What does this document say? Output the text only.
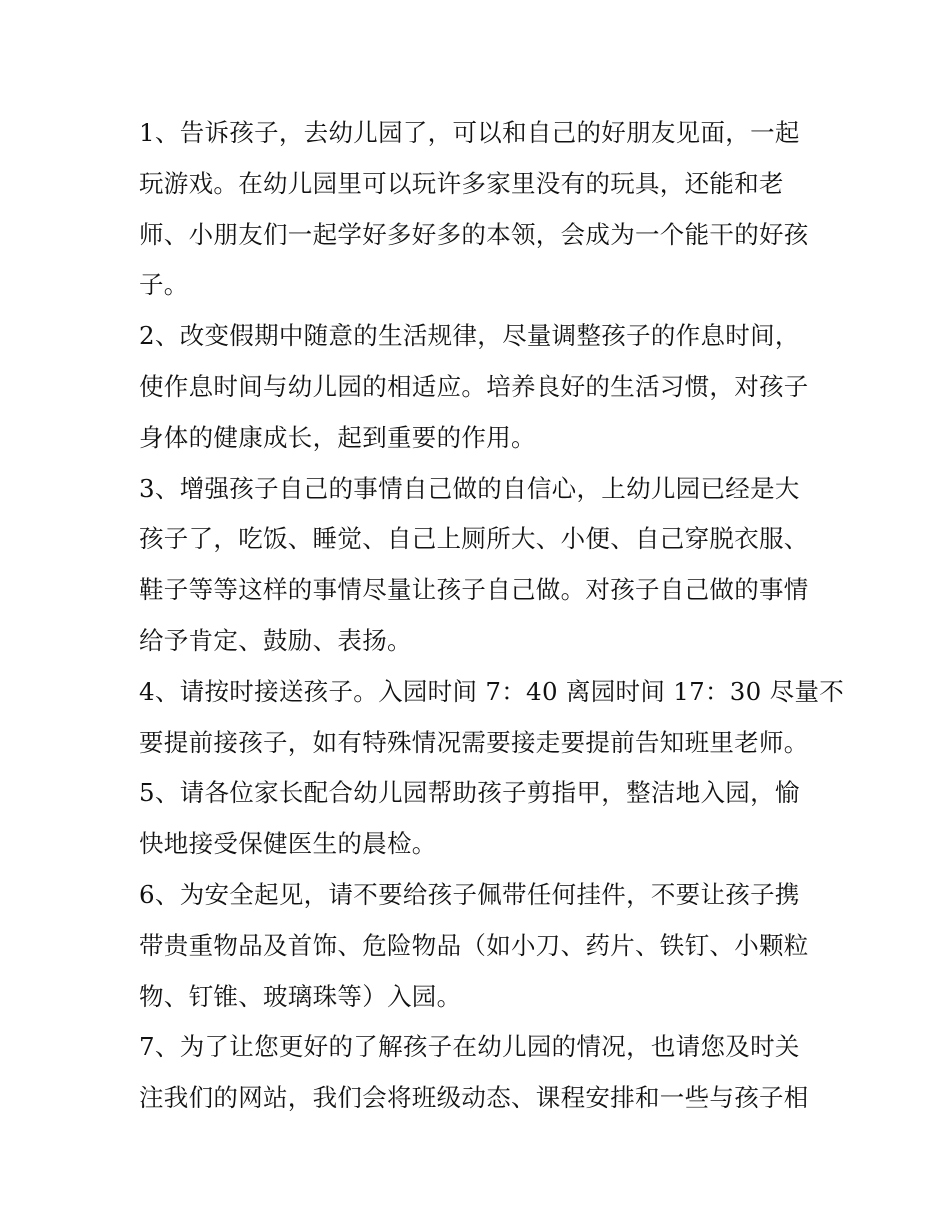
1、告诉孩子，去幼儿园了，可以和自己的好朋友见面，一起
玩游戏。在幼儿园里可以玩许多家里没有的玩具，还能和老
师、小朋友们一起学好多好多的本领，会成为一个能干的好孩
子。
2、改变假期中随意的生活规律，尽量调整孩子的作息时间，
使作息时间与幼儿园的相适应。培养良好的生活习惯，对孩子
身体的健康成长，起到重要的作用。
3、增强孩子自己的事情自己做的自信心，上幼儿园已经是大
孩子了，吃饭、睡觉、自己上厕所大、小便、自己穿脱衣服、
鞋子等等这样的事情尽量让孩子自己做。对孩子自己做的事情
给予肯定、鼓励、表扬。
4、请按时接送孩子。入园时间 7：40 离园时间 17：30 尽量不
要提前接孩子，如有特殊情况需要接走要提前告知班里老师。
5、请各位家长配合幼儿园帮助孩子剪指甲，整洁地入园，愉
快地接受保健医生的晨检。
6、为安全起见，请不要给孩子佩带任何挂件，不要让孩子携
带贵重物品及首饰、危险物品（如小刀、药片、铁钉、小颗粒
物、钉锥、玻璃珠等）入园。
7、为了让您更好的了解孩子在幼儿园的情况，也请您及时关
注我们的网站，我们会将班级动态、课程安排和一些与孩子相
